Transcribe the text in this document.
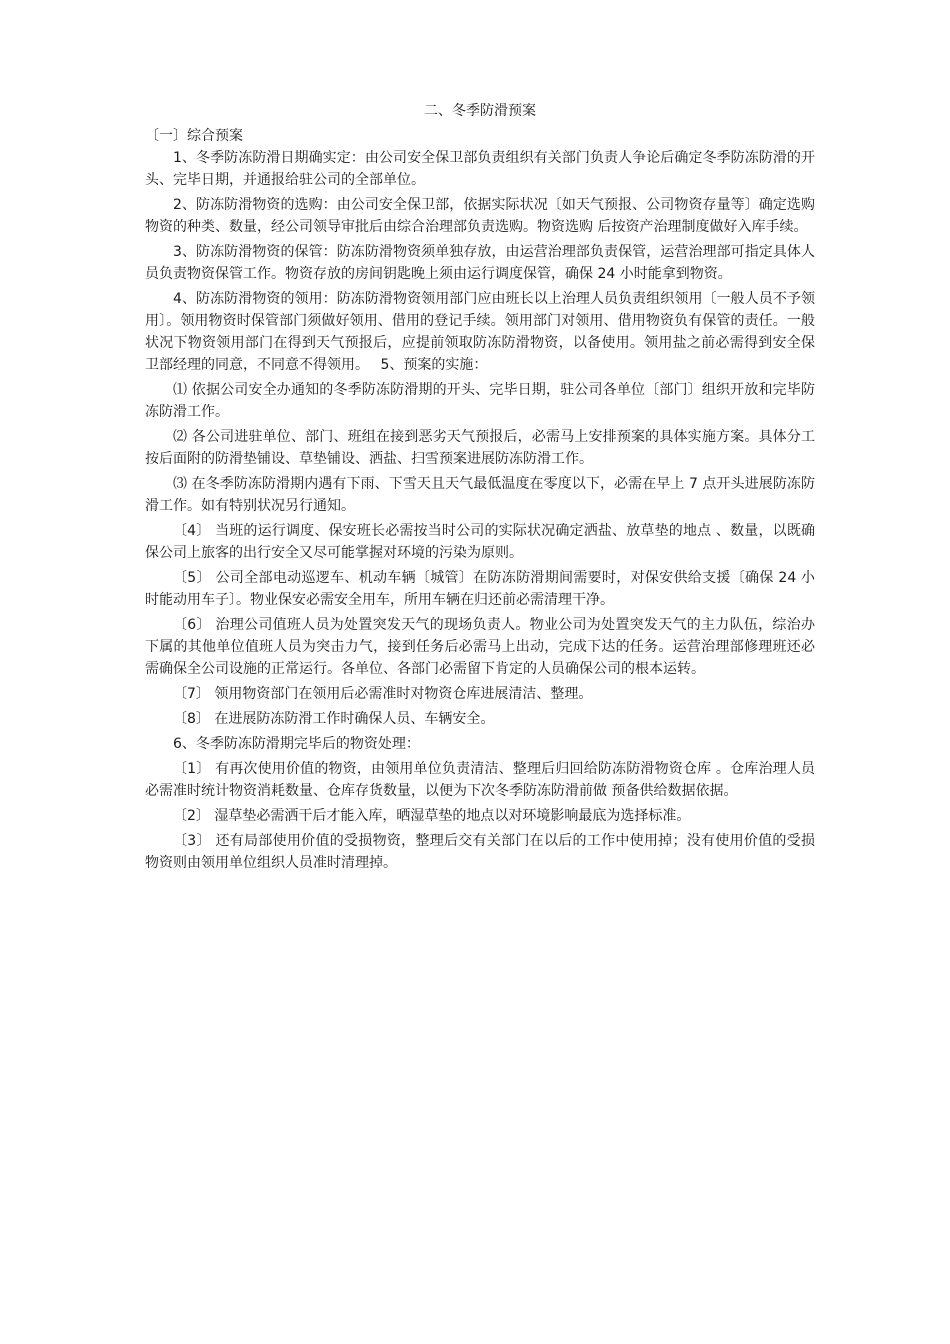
二、冬季防滑预案

〔一〕综合预案

1、冬季防冻防滑日期确实定：由公司安全保卫部负责组织有关部门负责人争论后确定冬季防冻防滑的开头、完毕日期，并通报给驻公司的全部单位。

2、防冻防滑物资的选购：由公司安全保卫部，依据实际状况〔如天气预报、公司物资存量等〕确定选购物资的种类、数量，经公司领导审批后由综合治理部负责选购。物资选购 后按资产治理制度做好入库手续。

3、防冻防滑物资的保管：防冻防滑物资须单独存放，由运营治理部负责保管，运营治理部可指定具体人员负责物资保管工作。物资存放的房间钥匙晚上须由运行调度保管，确保 24 小时能拿到物资。

4、防冻防滑物资的领用：防冻防滑物资领用部门应由班长以上治理人员负责组织领用〔一般人员不予领用〕。领用物资时保管部门须做好领用、借用的登记手续。领用部门对领用、借用物资负有保管的责任。一般状况下物资领用部门在得到天气预报后，应提前领取防冻防滑物资，以备使用。领用盐之前必需得到安全保卫部经理的同意，不同意不得领用。　 5、预案的实施：

⑴ 依据公司安全办通知的冬季防冻防滑期的开头、完毕日期，驻公司各单位〔部门〕组织开放和完毕防冻防滑工作。

⑵ 各公司进驻单位、部门、班组在接到恶劣天气预报后，必需马上安排预案的具体实施方案。具体分工按后面附的防滑垫铺设、草垫铺设、洒盐、扫雪预案进展防冻防滑工作。

⑶ 在冬季防冻防滑期内遇有下雨、下雪天且天气最低温度在零度以下，必需在早上 7 点开头进展防冻防滑工作。如有特别状况另行通知。

〔4〕 当班的运行调度、保安班长必需按当时公司的实际状况确定洒盐、放草垫的地点 、数量，以既确保公司上旅客的出行安全又尽可能掌握对环境的污染为原则。

〔5〕 公司全部电动巡逻车、机动车辆〔城管〕在防冻防滑期间需要时，对保安供给支援〔确保 24 小时能动用车子〕。物业保安必需安全用车，所用车辆在归还前必需清理干净。

〔6〕 治理公司值班人员为处置突发天气的现场负责人。物业公司为处置突发天气的主力队伍，综治办下属的其他单位值班人员为突击力气，接到任务后必需马上出动，完成下达的任务。运营治理部修理班还必需确保全公司设施的正常运行。各单位、各部门必需留下肯定的人员确保公司的根本运转。

〔7〕 领用物资部门在领用后必需准时对物资仓库进展清洁、整理。

〔8〕 在进展防冻防滑工作时确保人员、车辆安全。

6、冬季防冻防滑期完毕后的物资处理：

〔1〕 有再次使用价值的物资，由领用单位负责清洁、整理后归回给防冻防滑物资仓库 。仓库治理人员必需准时统计物资消耗数量、仓库存货数量，以便为下次冬季防冻防滑前做 预备供给数据依据。

〔2〕 湿草垫必需洒干后才能入库，晒湿草垫的地点以对环境影响最底为选择标准。

〔3〕 还有局部使用价值的受损物资，整理后交有关部门在以后的工作中使用掉；没有使用价值的受损物资则由领用单位组织人员准时清理掉。
